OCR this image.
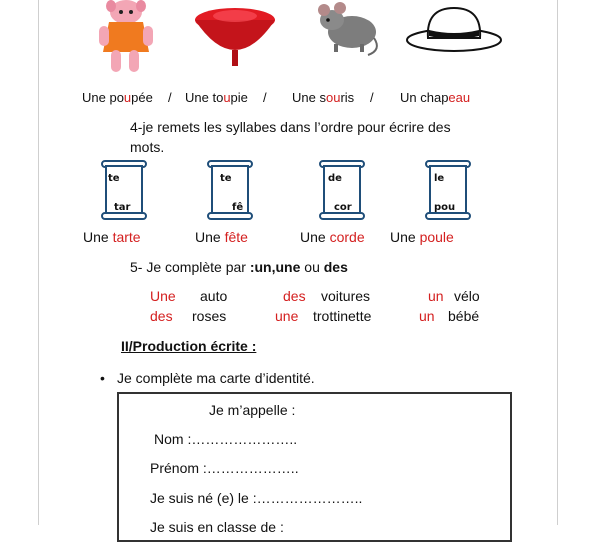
Une poupée / Une toupie / Une souris / Un chapeau
4-je remets les syllabes dans l’ordre pour écrire des
mots.
te
tar
te
fê
de
cor
le
pou
Une tarte	Une fête	Une corde Une poule
5- Je complète par :un,une ou des
Une auto	des voitures	un vélo
des roses	une trottinette	un bébé
II/Production écrite :
• Je complète ma carte d’identité.
Je m’appelle :
Nom :…………………..
Prénom :………………..
Je suis né (e) le :…………………..
Je suis en classe de :
